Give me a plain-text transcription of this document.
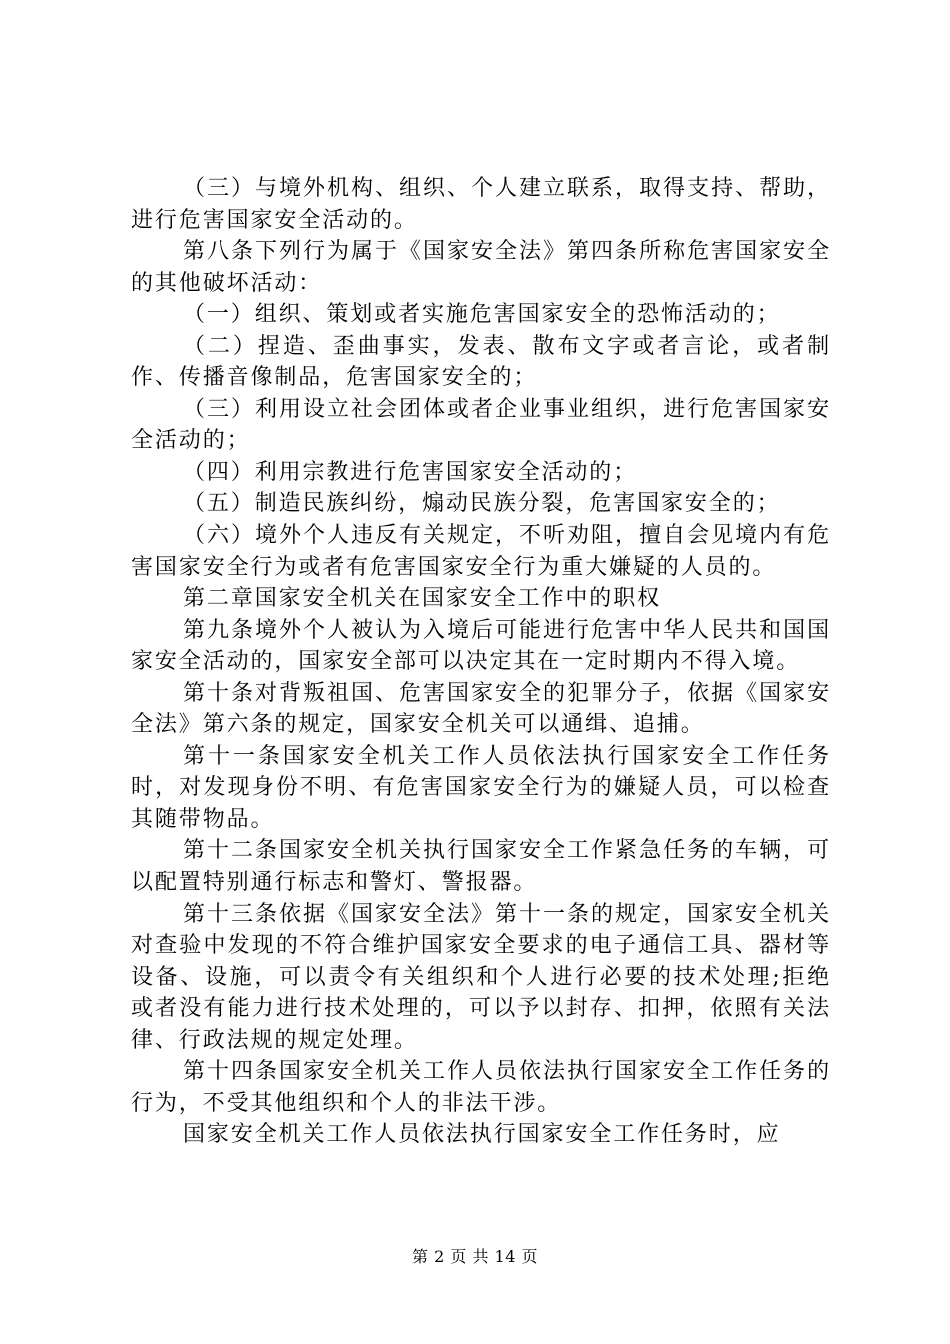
（三）与境外机构、组织、个人建立联系，取得支持、帮助，进行危害国家安全活动的。

第八条下列行为属于《国家安全法》第四条所称危害国家安全的其他破坏活动：

（一）组织、策划或者实施危害国家安全的恐怖活动的；

（二）捏造、歪曲事实，发表、散布文字或者言论，或者制作、传播音像制品，危害国家安全的；

（三）利用设立社会团体或者企业事业组织，进行危害国家安全活动的；

（四）利用宗教进行危害国家安全活动的；

（五）制造民族纠纷，煽动民族分裂，危害国家安全的；

（六）境外个人违反有关规定，不听劝阻，擅自会见境内有危害国家安全行为或者有危害国家安全行为重大嫌疑的人员的。

第二章国家安全机关在国家安全工作中的职权

第九条境外个人被认为入境后可能进行危害中华人民共和国国家安全活动的，国家安全部可以决定其在一定时期内不得入境。

第十条对背叛祖国、危害国家安全的犯罪分子，依据《国家安全法》第六条的规定，国家安全机关可以通缉、追捕。

第十一条国家安全机关工作人员依法执行国家安全工作任务时，对发现身份不明、有危害国家安全行为的嫌疑人员，可以检查其随带物品。

第十二条国家安全机关执行国家安全工作紧急任务的车辆，可以配置特别通行标志和警灯、警报器。

第十三条依据《国家安全法》第十一条的规定，国家安全机关对查验中发现的不符合维护国家安全要求的电子通信工具、器材等设备、设施，可以责令有关组织和个人进行必要的技术处理;拒绝或者没有能力进行技术处理的，可以予以封存、扣押，依照有关法律、行政法规的规定处理。

第十四条国家安全机关工作人员依法执行国家安全工作任务的行为，不受其他组织和个人的非法干涉。

国家安全机关工作人员依法执行国家安全工作任务时，应

第 2 页 共 14 页
